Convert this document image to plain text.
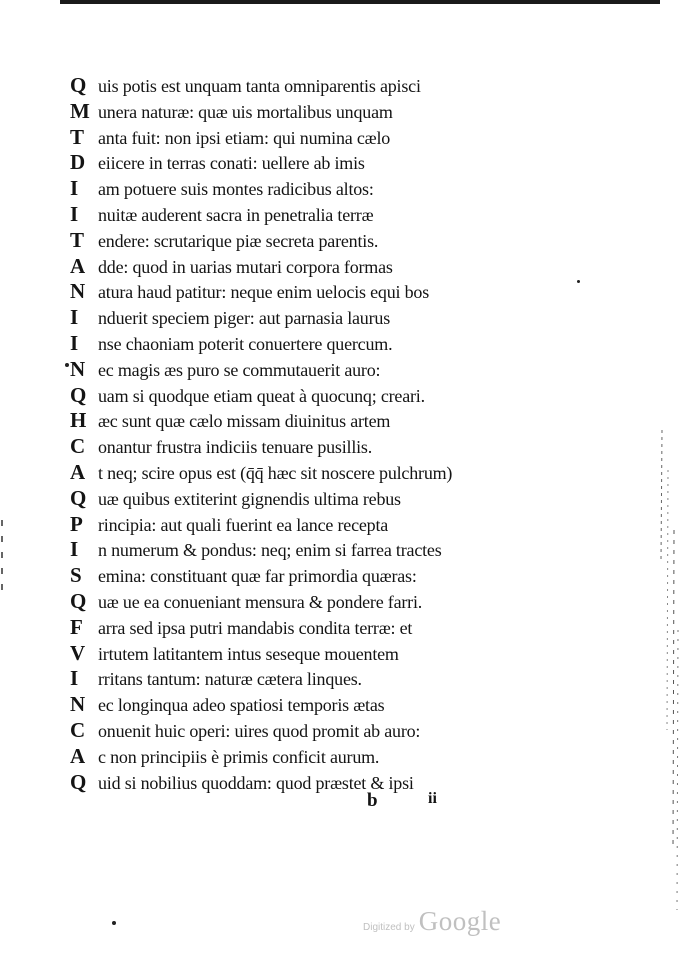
Q uis potis est unquam tanta omniparentis apisci
M unera naturæ: quæ uis mortalibus unquam
T anta fuit: non ipsi etiam: qui numina cælo
D eiicere in terras conati: uellere ab imis
I	am potuere suis montes radicibus altos:
I	nuitæ auderent sacra in penetralia terræ
T endere: scrutarique piæ secreta parentis.
A dde: quod in uarias mutari corpora formas
N atura haud patitur: neque enim uelocis equi bos
I	nduerit speciem piger: aut parnasia laurus
I	nse chaoniam poterit conuertere quercum.
N ec magis æs puro se commutauerit auro:
Q uam si quodque etiam queat à quocunq; creari.
H æc sunt quæ cælo missam diuinitus artem
C onantur frustra indiciis tenuare pusillis.
A t neq; scire opus est (q̄q̄ hæc sit noscere pulchrum)
Q uæ quibus extiterint gignendis ultima rebus
P rincipia: aut quali fuerint ea lance recepta
I	n numerum & pondus: neq; enim si farrea tractes
S emina: constituant quæ far primordia quæras:
Q uæ ue ea conueniant mensura & pondere farri.
F arra sed ipsa putri mandabis condita terræ: et
V irtutem latitantem intus seseque mouentem
I	rritans tantum: naturæ cætera linques.
N ec longinqua adeo spatiosi temporis ætas
C onuenit huic operi: uires quod promit ab auro:
A c non principiis è primis conficit aurum.
Q uid si nobilius quoddam: quod præstet & ipsi
b	ii
Digitized by Google
